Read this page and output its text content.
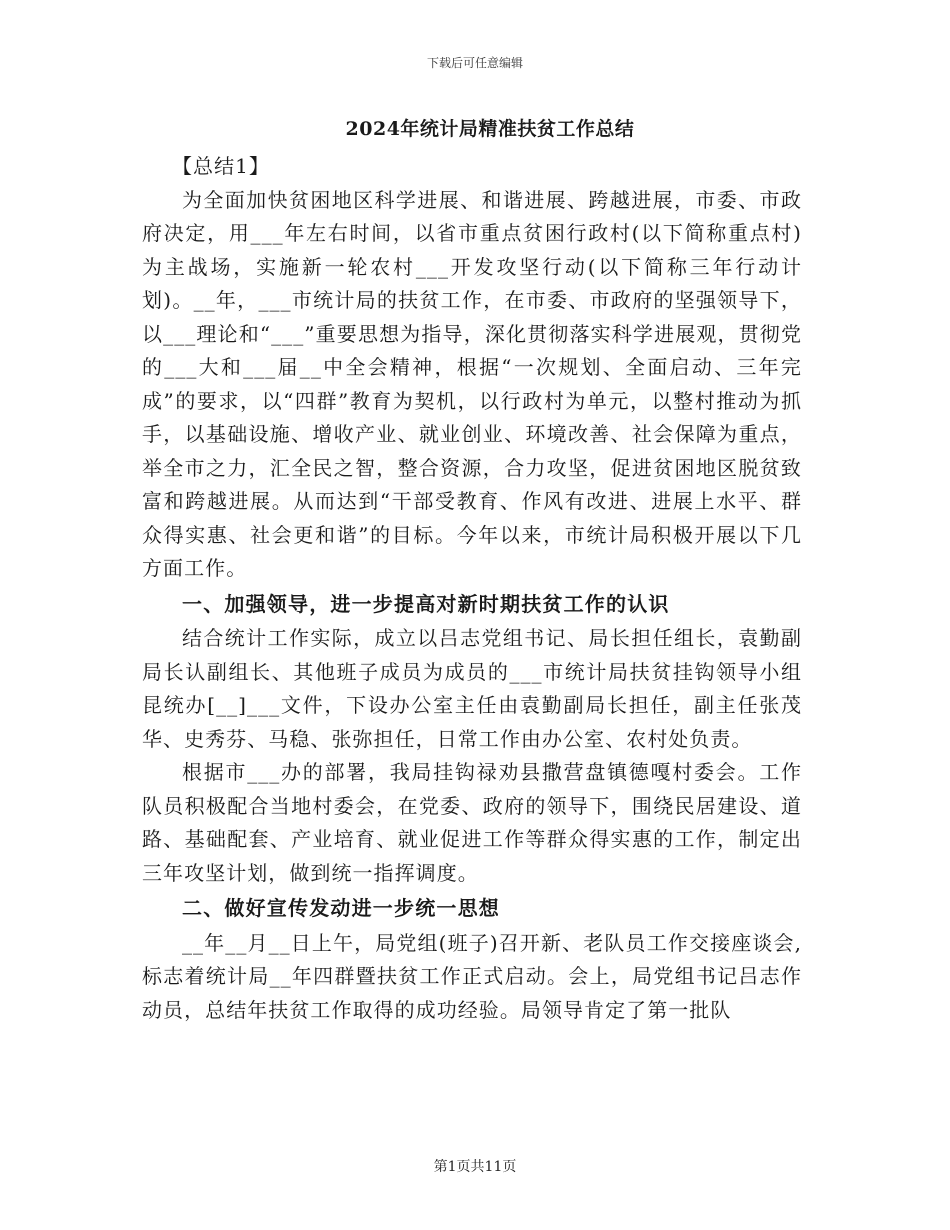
下载后可任意编辑
2024年统计局精准扶贫工作总结

【总结1】

为全面加快贫困地区科学进展、和谐进展、跨越进展，市委、市政府决定，用___年左右时间，以省市重点贫困行政村(以下简称重点村)为主战场，实施新一轮农村___开发攻坚行动(以下简称三年行动计划)。__年，___市统计局的扶贫工作，在市委、市政府的坚强领导下，以___理论和“___”重要思想为指导，深化贯彻落实科学进展观，贯彻党的___大和___届__中全会精神，根据“一次规划、全面启动、三年完成”的要求，以“四群”教育为契机，以行政村为单元，以整村推动为抓手，以基础设施、增收产业、就业创业、环境改善、社会保障为重点，举全市之力，汇全民之智，整合资源，合力攻坚，促进贫困地区脱贫致富和跨越进展。从而达到“干部受教育、作风有改进、进展上水平、群众得实惠、社会更和谐”的目标。今年以来，市统计局积极开展以下几方面工作。

一、加强领导，进一步提高对新时期扶贫工作的认识

结合统计工作实际，成立以吕志党组书记、局长担任组长，袁勤副局长认副组长、其他班子成员为成员的___市统计局扶贫挂钩领导小组昆统办[__]___文件，下设办公室主任由袁勤副局长担任，副主任张茂华、史秀芬、马稳、张弥担任，日常工作由办公室、农村处负责。

根据市___办的部署，我局挂钩禄劝县撒营盘镇德嘎村委会。工作队员积极配合当地村委会，在党委、政府的领导下，围绕民居建设、道路、基础配套、产业培育、就业促进工作等群众得实惠的工作，制定出三年攻坚计划，做到统一指挥调度。

二、做好宣传发动进一步统一思想

__年__月__日上午，局党组(班子)召开新、老队员工作交接座谈会,标志着统计局__年四群暨扶贫工作正式启动。会上，局党组书记吕志作动员，总结年扶贫工作取得的成功经验。局领导肯定了第一批队

第1页共11页
